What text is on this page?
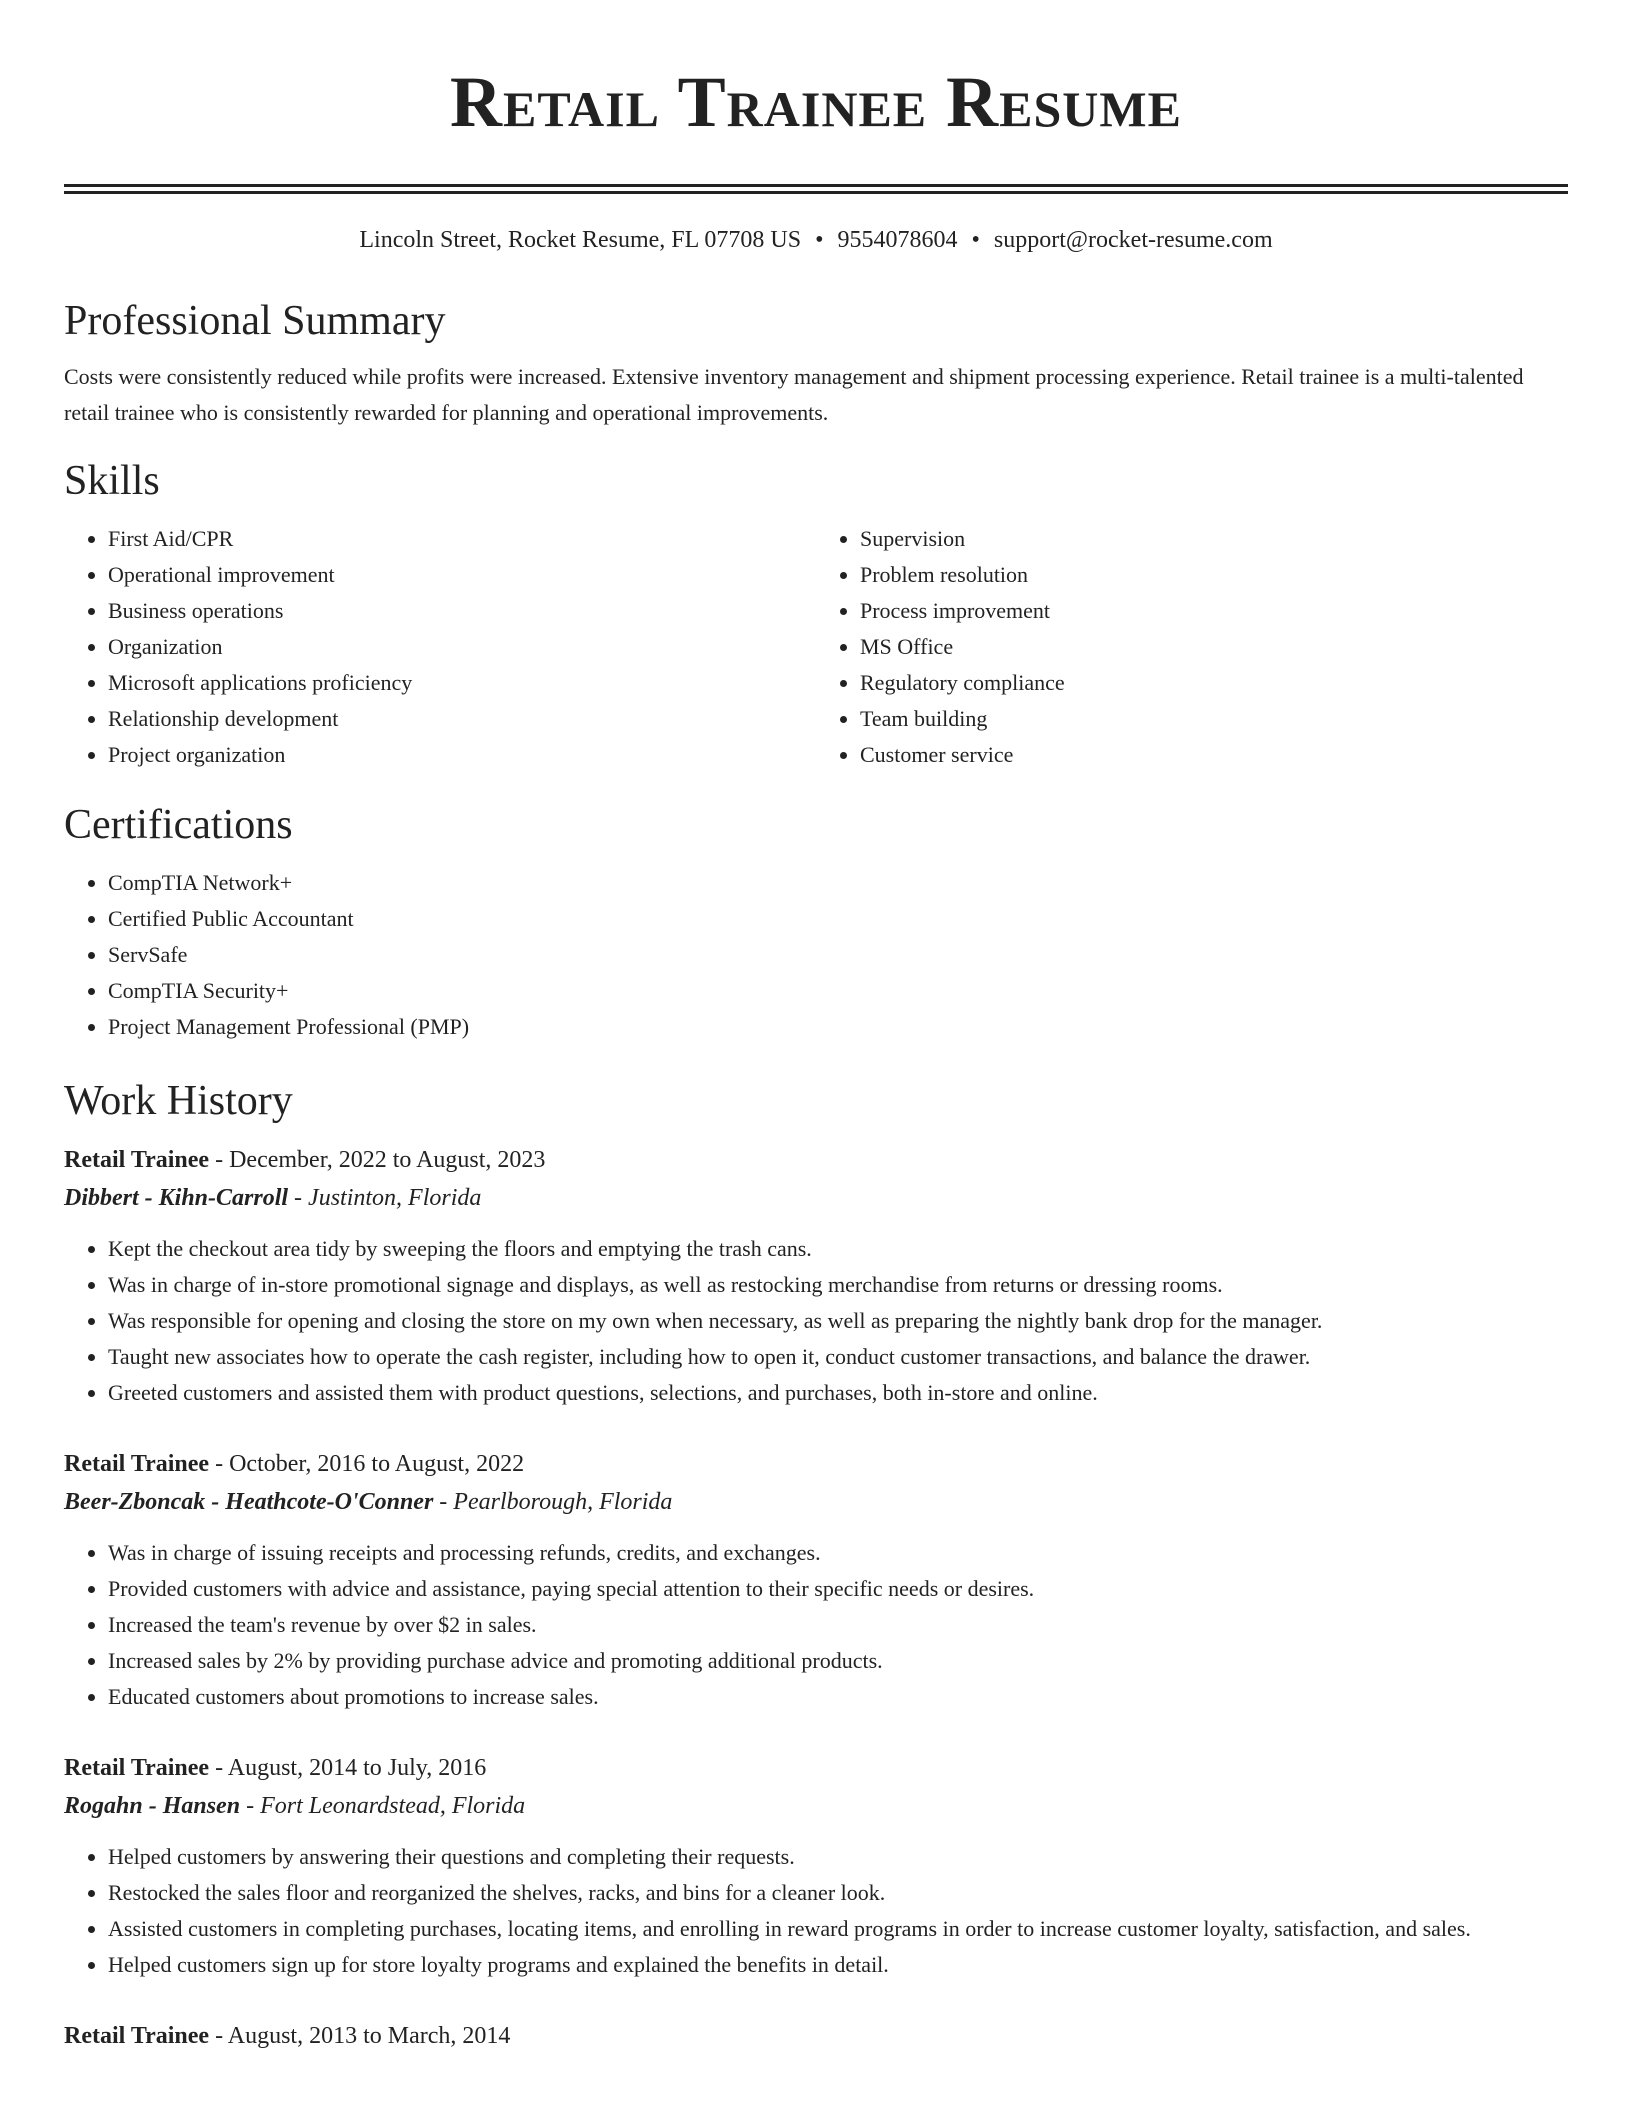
Retail Trainee Resume
Lincoln Street, Rocket Resume, FL 07708 US • 9554078604 • support@rocket-resume.com
Professional Summary

Costs were consistently reduced while profits were increased. Extensive inventory management and shipment processing experience. Retail trainee is a multi-talented retail trainee who is consistently rewarded for planning and operational improvements.

Skills
• First Aid/CPR
• Operational improvement
• Business operations
• Organization
• Microsoft applications proficiency
• Relationship development
• Project organization
• Supervision
• Problem resolution
• Process improvement
• MS Office
• Regulatory compliance
• Team building
• Customer service
Certifications
• CompTIA Network+
• Certified Public Accountant
• ServSafe
• CompTIA Security+
• Project Management Professional (PMP)
Work History
Retail Trainee - December, 2022 to August, 2023
Dibbert - Kihn-Carroll - Justinton, Florida
• Kept the checkout area tidy by sweeping the floors and emptying the trash cans.
• Was in charge of in-store promotional signage and displays, as well as restocking merchandise from returns or dressing rooms.
• Was responsible for opening and closing the store on my own when necessary, as well as preparing the nightly bank drop for the manager.
• Taught new associates how to operate the cash register, including how to open it, conduct customer transactions, and balance the drawer.
• Greeted customers and assisted them with product questions, selections, and purchases, both in-store and online.
Retail Trainee - October, 2016 to August, 2022
Beer-Zboncak - Heathcote-O'Conner - Pearlborough, Florida
• Was in charge of issuing receipts and processing refunds, credits, and exchanges.
• Provided customers with advice and assistance, paying special attention to their specific needs or desires.
• Increased the team's revenue by over $2 in sales.
• Increased sales by 2% by providing purchase advice and promoting additional products.
• Educated customers about promotions to increase sales.
Retail Trainee - August, 2014 to July, 2016
Rogahn - Hansen - Fort Leonardstead, Florida
• Helped customers by answering their questions and completing their requests.
• Restocked the sales floor and reorganized the shelves, racks, and bins for a cleaner look.
• Assisted customers in completing purchases, locating items, and enrolling in reward programs in order to increase customer loyalty, satisfaction, and sales.
• Helped customers sign up for store loyalty programs and explained the benefits in detail.
Retail Trainee - August, 2013 to March, 2014
